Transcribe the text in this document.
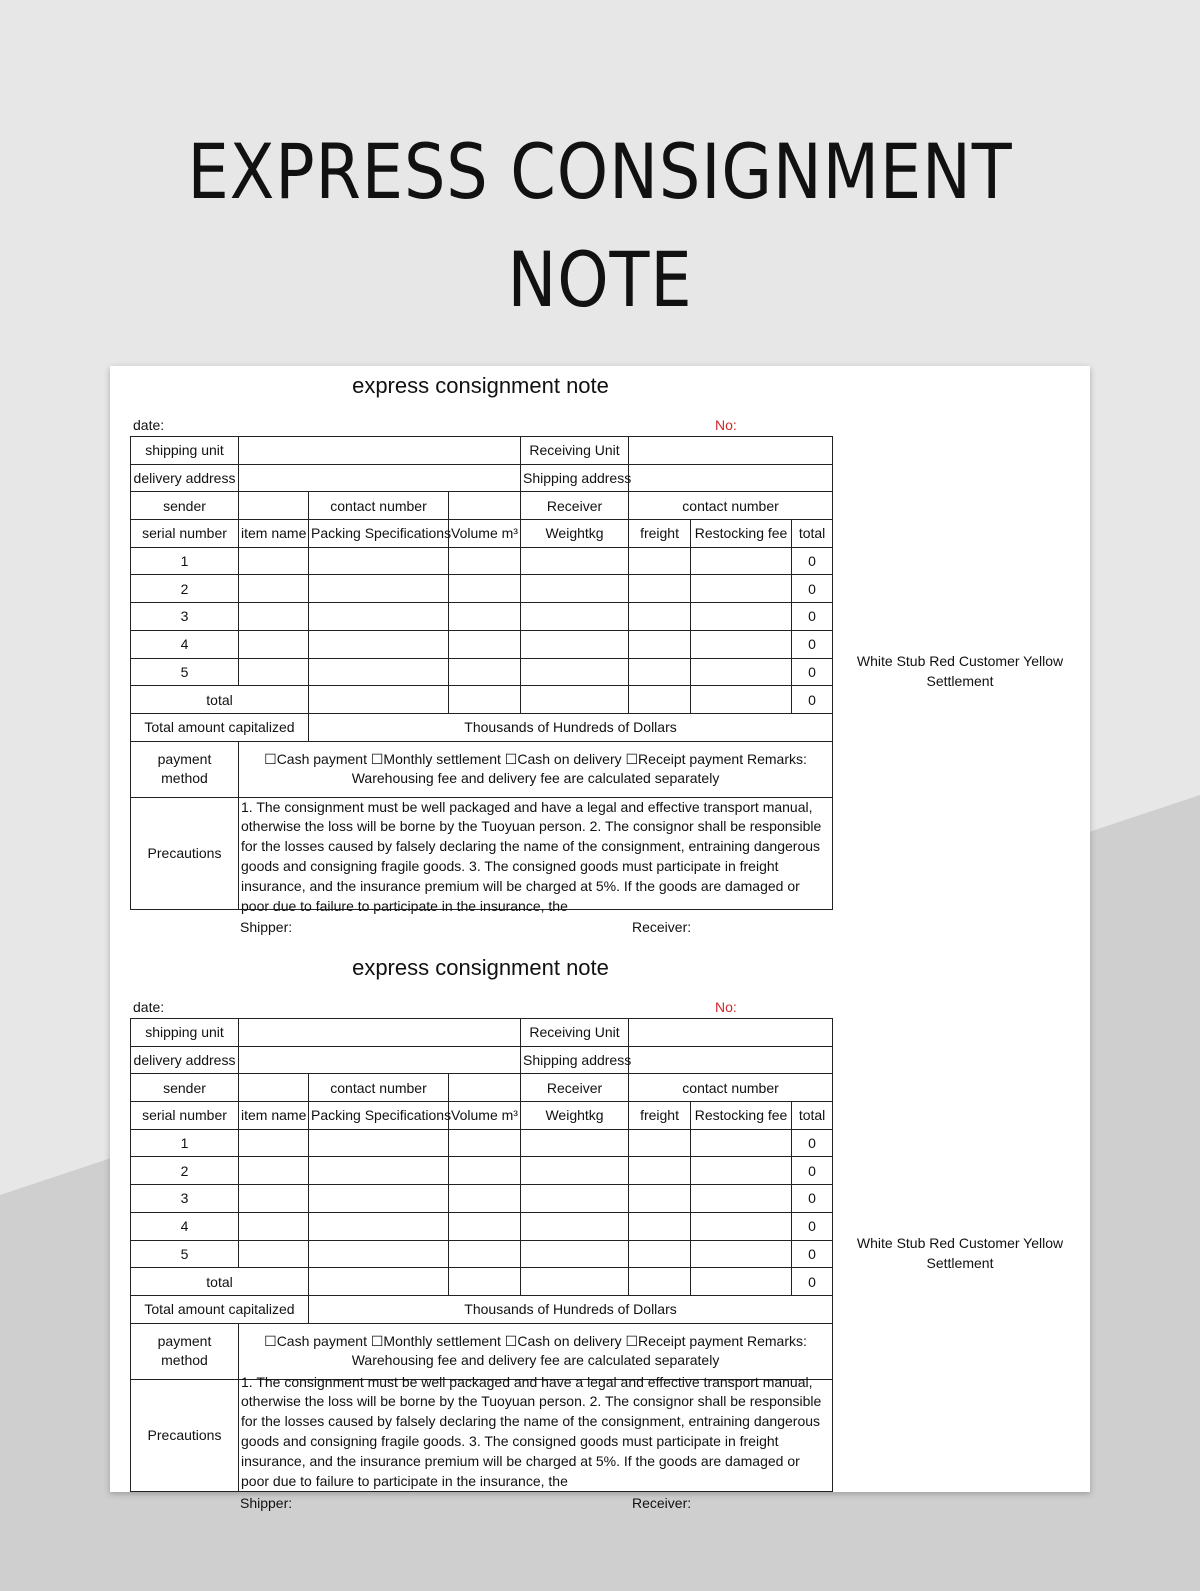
EXPRESS CONSIGNMENT
NOTE
express consignment note
date:	No:
shipping unit				Receiving Unit			
delivery address				Shipping address			
sender		contact number		Receiver	contact number		
serial number	item name	Packing Specifications	Volume m³	Weightkg	freight	Restocking fee	total
1							0
2							0
3							0
4							0
5							0
total							0
Total amount capitalized		Thousands of Hundreds of Dollars					
payment method	☐Cash payment ☐Monthly settlement ☐Cash on delivery ☐Receipt payment Remarks: Warehousing fee and delivery fee are calculated separately						
Precautions	1. The consignment must be well packaged and have a legal and effective transport manual, otherwise the loss will be borne by the Tuoyuan person. 2. The consignor shall be responsible for the losses caused by falsely declaring the name of the consignment, entraining dangerous goods and consigning fragile goods. 3. The consigned goods must participate in freight insurance, and the insurance premium will be charged at 5%. If the goods are damaged or poor due to failure to participate in the insurance, the						
Shipper:	Receiver:
White Stub Red Customer Yellow Settlement
express consignment note
date:	No:
shipping unit				Receiving Unit			
delivery address				Shipping address			
sender		contact number		Receiver	contact number		
serial number	item name	Packing Specifications	Volume m³	Weightkg	freight	Restocking fee	total
1							0
2							0
3							0
4							0
5							0
total							0
Total amount capitalized		Thousands of Hundreds of Dollars					
payment method	☐Cash payment ☐Monthly settlement ☐Cash on delivery ☐Receipt payment Remarks: Warehousing fee and delivery fee are calculated separately						
Precautions	1. The consignment must be well packaged and have a legal and effective transport manual, otherwise the loss will be borne by the Tuoyuan person. 2. The consignor shall be responsible for the losses caused by falsely declaring the name of the consignment, entraining dangerous goods and consigning fragile goods. 3. The consigned goods must participate in freight insurance, and the insurance premium will be charged at 5%. If the goods are damaged or poor due to failure to participate in the insurance, the						
Shipper:	Receiver:
White Stub Red Customer Yellow Settlement
